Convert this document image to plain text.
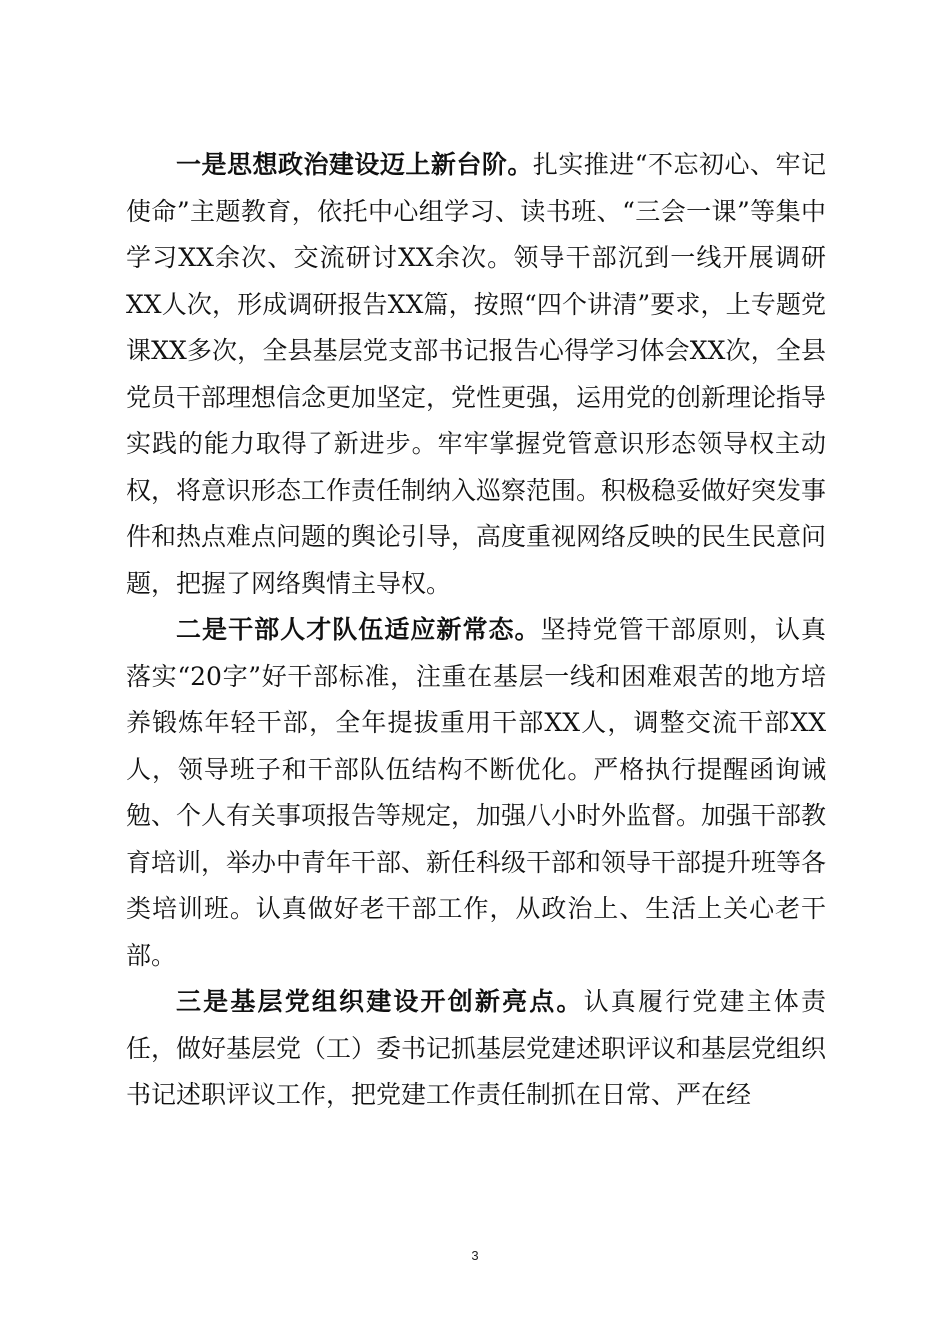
一是思想政治建设迈上新台阶。扎实推进“不忘初心、牢记使命”主题教育，依托中心组学习、读书班、“三会一课”等集中学习XX余次、交流研讨XX余次。领导干部沉到一线开展调研XX人次，形成调研报告XX篇，按照“四个讲清”要求，上专题党课XX多次，全县基层党支部书记报告心得学习体会XX次，全县党员干部理想信念更加坚定，党性更强，运用党的创新理论指导实践的能力取得了新进步。牢牢掌握党管意识形态领导权主动权，将意识形态工作责任制纳入巡察范围。积极稳妥做好突发事件和热点难点问题的舆论引导，高度重视网络反映的民生民意问题，把握了网络舆情主导权。

二是干部人才队伍适应新常态。坚持党管干部原则，认真落实“20字”好干部标准，注重在基层一线和困难艰苦的地方培养锻炼年轻干部，全年提拔重用干部XX人，调整交流干部XX人，领导班子和干部队伍结构不断优化。严格执行提醒函询诫勉、个人有关事项报告等规定，加强八小时外监督。加强干部教育培训，举办中青年干部、新任科级干部和领导干部提升班等各类培训班。认真做好老干部工作，从政治上、生活上关心老干部。

三是基层党组织建设开创新亮点。认真履行党建主体责任，做好基层党（工）委书记抓基层党建述职评议和基层党组织书记述职评议工作，把党建工作责任制抓在日常、严在经

3
